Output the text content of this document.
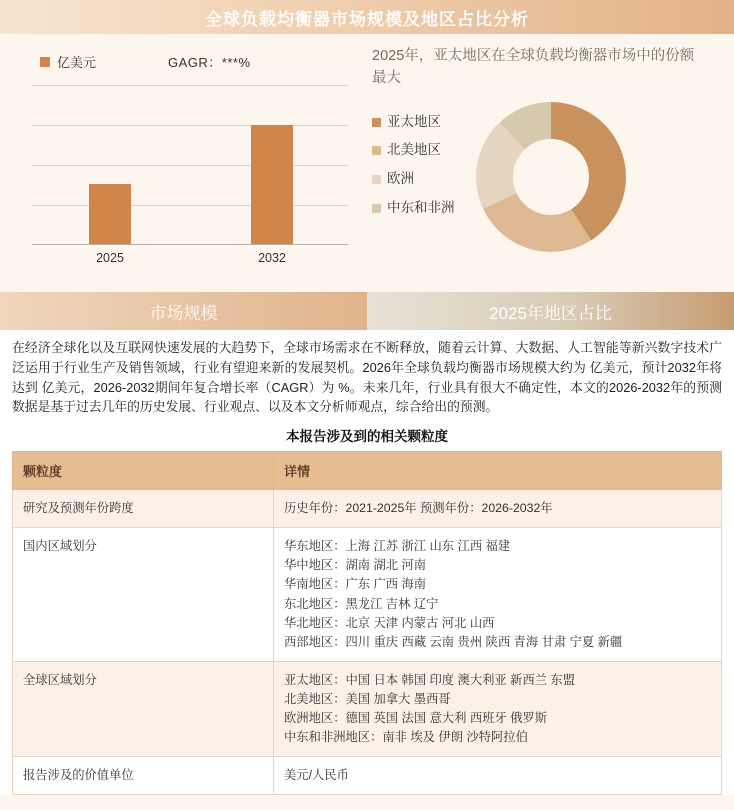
全球负载均衡器市场规模及地区占比分析
亿美元	GAGR：***%
2025	2032
2025年，亚太地区在全球负载均衡器市场中的份额最大
亚太地区
北美地区
欧洲
中东和非洲
市场规模	2025年地区占比
在经济全球化以及互联网快速发展的大趋势下，全球市场需求在不断释放，随着云计算、大数据、人工智能等新兴数字技术广泛运用于行业生产及销售领域，行业有望迎来新的发展契机。2026年全球负载均衡器市场规模大约为 亿美元，预计2032年将达到 亿美元，2026-2032期间年复合增长率（CAGR）为 %。未来几年，行业具有很大不确定性，本文的2026-2032年的预测数据是基于过去几年的历史发展、行业观点、以及本文分析师观点，综合给出的预测。
本报告涉及到的相关颗粒度
颗粒度	详情
研究及预测年份跨度	历史年份：2021-2025年 预测年份：2026-2032年

国内区域划分	华东地区：上海 江苏 浙江 山东 江西 福建
华中地区：湖南 湖北 河南
华南地区：广东 广西 海南
东北地区：黑龙江 吉林 辽宁
华北地区：北京 天津 内蒙古 河北 山西
西部地区：四川 重庆 西藏 云南 贵州 陕西 青海 甘肃 宁夏 新疆

全球区域划分	亚太地区：中国 日本 韩国 印度 澳大利亚 新西兰 东盟
北美地区：美国 加拿大 墨西哥
欧洲地区：德国 英国 法国 意大利 西班牙 俄罗斯
中东和非洲地区：南非 埃及 伊朗 沙特阿拉伯

报告涉及的价值单位	美元/人民币
